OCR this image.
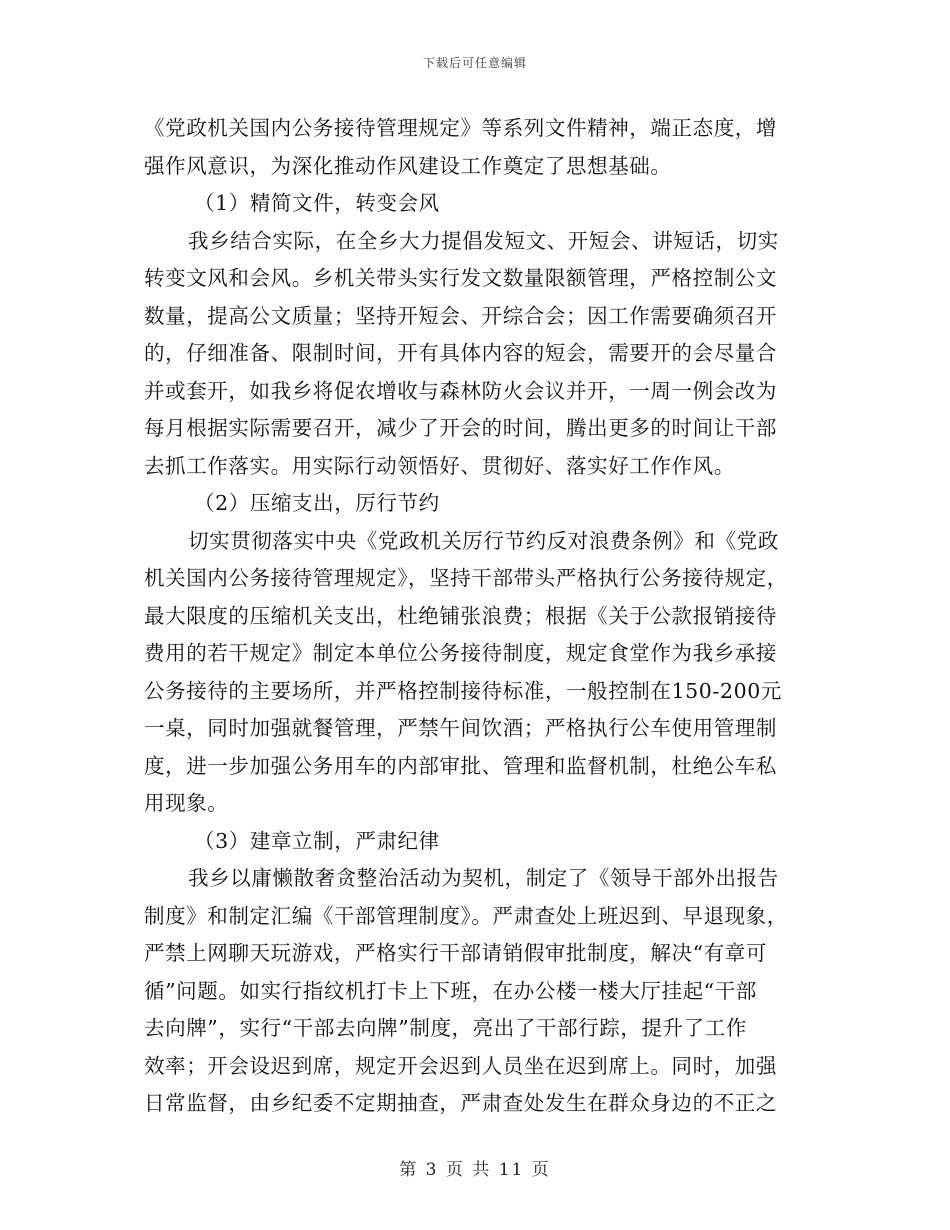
下载后可任意编辑
《党政机关国内公务接待管理规定》等系列文件精神，端正态度，增
强作风意识，为深化推动作风建设工作奠定了思想基础。
（1）精简文件，转变会风
我乡结合实际，在全乡大力提倡发短文、开短会、讲短话，切实
转变文风和会风。乡机关带头实行发文数量限额管理，严格控制公文
数量，提高公文质量；坚持开短会、开综合会；因工作需要确须召开
的，仔细准备、限制时间，开有具体内容的短会，需要开的会尽量合
并或套开，如我乡将促农增收与森林防火会议并开，一周一例会改为
每月根据实际需要召开，减少了开会的时间，腾出更多的时间让干部
去抓工作落实。用实际行动领悟好、贯彻好、落实好工作作风。
（2）压缩支出，厉行节约
切实贯彻落实中央《党政机关厉行节约反对浪费条例》和《党政
机关国内公务接待管理规定》，坚持干部带头严格执行公务接待规定，
最大限度的压缩机关支出，杜绝铺张浪费；根据《关于公款报销接待
费用的若干规定》制定本单位公务接待制度，规定食堂作为我乡承接
公务接待的主要场所，并严格控制接待标准，一般控制在150-200元
一桌，同时加强就餐管理，严禁午间饮酒；严格执行公车使用管理制
度，进一步加强公务用车的内部审批、管理和监督机制，杜绝公车私
用现象。
（3）建章立制，严肃纪律
我乡以庸懒散奢贪整治活动为契机，制定了《领导干部外出报告
制度》和制定汇编《干部管理制度》。严肃查处上班迟到、早退现象，
严禁上网聊天玩游戏，严格实行干部请销假审批制度，解决“有章可
循”问题。如实行指纹机打卡上下班，在办公楼一楼大厅挂起“干部
去向牌”，实行“干部去向牌”制度，亮出了干部行踪，提升了工作
效率；开会设迟到席，规定开会迟到人员坐在迟到席上。同时，加强
日常监督，由乡纪委不定期抽查，严肃查处发生在群众身边的不正之
第 3 页 共 11 页
